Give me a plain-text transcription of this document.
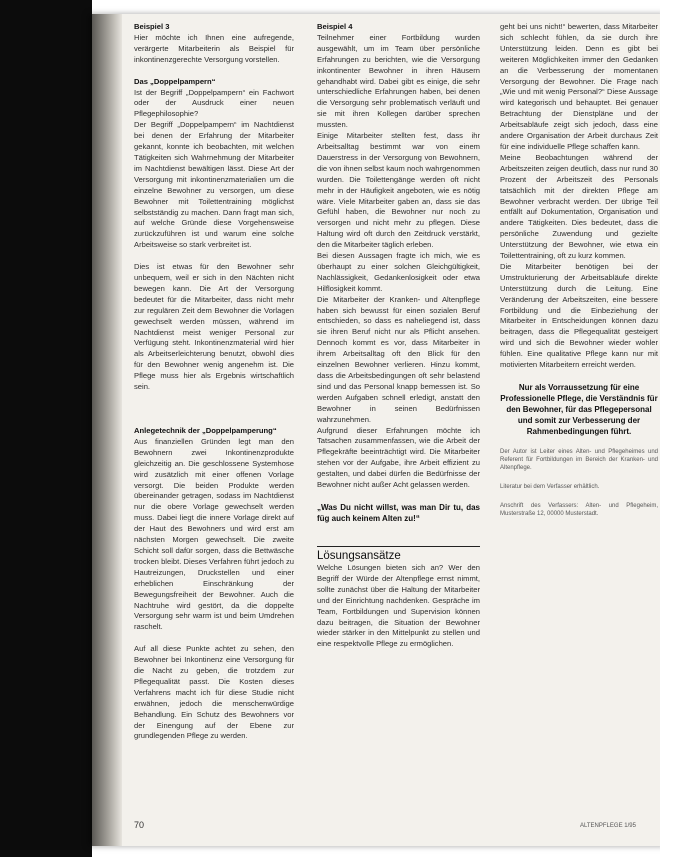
Beispiel 3

Hier möchte ich Ihnen eine aufregende, verärgerte Mitarbeiterin als Beispiel für inkontinenzgerechte Versorgung vorstellen.

Das „Doppelpampern“

Ist der Begriff „Doppelpampern“ ein Fachwort oder der Ausdruck einer neuen Pflegephilosophie?

Der Begriff „Doppelpampern“ im Nachtdienst bei denen der Erfahrung der Mitarbeiter gekannt, konnte ich beobachten, mit welchen Tätigkeiten sich Wahrnehmung der Mitarbeiter im Nachtdienst bewältigen lässt. Diese Art der Versorgung mit inkontinenzmaterialien um die einzelne Bewohner zu versorgen, um diese Bewohner mit Toilettentraining möglichst selbstständig zu machen. Dann fragt man sich, auf welche Gründe diese Vorgehensweise zurückzuführen ist und warum eine solche Arbeitsweise so stark verbreitet ist.

Dies ist etwas für den Bewohner sehr unbequem, weil er sich in den Nächten nicht bewegen kann. Die Art der Versorgung bedeutet für die Mitarbeiter, dass nicht mehr zur regulären Zeit dem Bewohner die Vorlagen gewechselt werden müssen, während im Nachtdienst meist weniger Personal zur Verfügung steht. Inkontinenzmaterial wird hier als Arbeitserleichterung benutzt, obwohl dies für den Bewohner wenig angenehm ist. Die Pflege muss hier als Ergebnis wirtschaftlich sein.

Anlegetechnik der „Doppelpamperung“

Aus finanziellen Gründen legt man den Bewohnern zwei Inkontinenzprodukte gleichzeitig an. Die geschlossene Systemhose wird zusätzlich mit einer offenen Vorlage versorgt. Die beiden Produkte werden übereinander getragen, sodass im Nachtdienst nur die obere Vorlage gewechselt werden muss. Dabei liegt die innere Vorlage direkt auf der Haut des Bewohners und wird erst am nächsten Morgen gewechselt. Die zweite Schicht soll dafür sorgen, dass die Bettwäsche trocken bleibt. Dieses Verfahren führt jedoch zu Hautreizungen, Druckstellen und einer erheblichen Einschränkung der Bewegungsfreiheit der Bewohner. Auch die Nachtruhe wird gestört, da die doppelte Versorgung sehr warm ist und beim Umdrehen raschelt.

Auf all diese Punkte achtet zu sehen, den Bewohner bei Inkontinenz eine Versorgung für die Nacht zu geben, die trotzdem zur Pflegequalität passt. Die Kosten dieses Verfahrens macht ich für diese Studie nicht erwähnen, jedoch die menschenwürdige Behandlung. Ein Schutz des Bewohners vor der Einengung auf der Ebene zur grundlegenden Pflege zu werden.

Beispiel 4

Teilnehmer einer Fortbildung wurden ausgewählt, um im Team über persönliche Erfahrungen zu berichten, wie die Versorgung inkontinenter Bewohner in ihren Häusern gehandhabt wird. Dabei gibt es einige, die sehr unterschiedliche Erfahrungen haben, bei denen die Versorgung sehr problematisch verläuft und sie mit ihren Kollegen darüber sprechen mussten.

Einige Mitarbeiter stellten fest, dass ihr Arbeitsalltag bestimmt war von einem Dauerstress in der Versorgung von Bewohnern, die von ihnen selbst kaum noch wahrgenommen wurden. Die Toilettengänge werden oft nicht mehr in der Häufigkeit angeboten, wie es nötig wäre. Viele Mitarbeiter gaben an, dass sie das Gefühl haben, die Bewohner nur noch zu versorgen und nicht mehr zu pflegen. Diese Haltung wird oft durch den Zeitdruck verstärkt, den die Mitarbeiter täglich erleben.

Bei diesen Aussagen fragte ich mich, wie es überhaupt zu einer solchen Gleichgültigkeit, Nachlässigkeit, Gedankenlosigkeit oder etwa Hilflosigkeit kommt.

Die Mitarbeiter der Kranken- und Altenpflege haben sich bewusst für einen sozialen Beruf entschieden, so dass es naheliegend ist, dass sie ihren Beruf nicht nur als Pflicht ansehen. Dennoch kommt es vor, dass Mitarbeiter in ihrem Arbeitsalltag oft den Blick für den einzelnen Bewohner verlieren. Hinzu kommt, dass die Arbeitsbedingungen oft sehr belastend sind und das Personal knapp bemessen ist. So werden Aufgaben schnell erledigt, anstatt den Bewohner in seinen Bedürfnissen wahrzunehmen.

Aufgrund dieser Erfahrungen möchte ich Tatsachen zusammenfassen, wie die Arbeit der Pflegekräfte beeinträchtigt wird. Die Mitarbeiter stehen vor der Aufgabe, ihre Arbeit effizient zu gestalten, und dabei dürfen die Bedürfnisse der Bewohner nicht außer Acht gelassen werden.

„Was Du nicht willst, was man Dir tu, das füg auch keinem Alten zu!“

Lösungsansätze

Welche Lösungen bieten sich an? Wer den Begriff der Würde der Altenpflege ernst nimmt, sollte zunächst über die Haltung der Mitarbeiter und der Einrichtung nachdenken. Gespräche im Team, Fortbildungen und Supervision können dazu beitragen, die Situation der Bewohner wieder stärker in den Mittelpunkt zu stellen und eine respektvolle Pflege zu ermöglichen.

geht bei uns nicht!“ bewerten, dass Mitarbeiter sich schlecht fühlen, da sie durch ihre Unterstützung leiden. Denn es gibt bei weiteren Möglichkeiten immer den Gedanken an die Verbesserung der momentanen Versorgung der Bewohner. Die Frage nach „Wie und mit wenig Personal?“ Diese Aussage wird kategorisch und behauptet. Bei genauer Betrachtung der Dienstpläne und der Arbeitsabläufe zeigt sich jedoch, dass eine andere Organisation der Arbeit durchaus Zeit für eine individuelle Pflege schaffen kann.

Meine Beobachtungen während der Arbeitszeiten zeigen deutlich, dass nur rund 30 Prozent der Arbeitszeit des Personals tatsächlich mit der direkten Pflege am Bewohner verbracht werden. Der übrige Teil entfällt auf Dokumentation, Organisation und andere Tätigkeiten. Dies bedeutet, dass die persönliche Zuwendung und gezielte Unterstützung der Bewohner, wie etwa ein Toilettentraining, oft zu kurz kommen.

Die Mitarbeiter benötigen bei der Umstrukturierung der Arbeitsabläufe direkte Unterstützung durch die Leitung. Eine Veränderung der Arbeitszeiten, eine bessere Fortbildung und die Einbeziehung der Mitarbeiter in Entscheidungen können dazu beitragen, dass die Pflegequalität gesteigert wird und sich die Bewohner wieder wohler fühlen. Eine qualitative Pflege kann nur mit motivierten Mitarbeitern erreicht werden.

Nur als Vorraussetzung für eine Professionelle Pflege, die Verständnis für den Bewohner, für das Pflegepersonal und somit zur Verbesserung der Rahmenbedingungen führt.

Der Autor ist Leiter eines Alten- und Pflegeheimes und Referent für Fortbildungen im Bereich der Kranken- und Altenpflege.

Literatur bei dem Verfasser erhältlich.

Anschrift des Verfassers: Alten- und Pflegeheim, Musterstraße 12, 00000 Musterstadt.

70	ALTENPFLEGE 1/95
